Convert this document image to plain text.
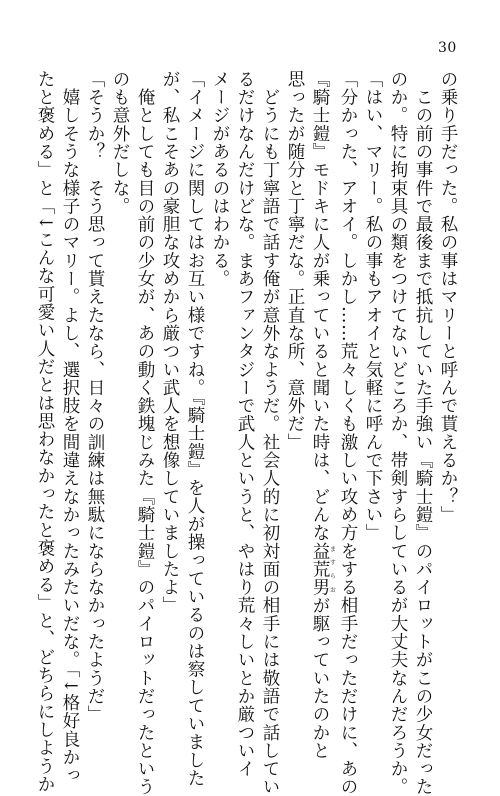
30
の乗り手だった。私の事はマリーと呼んで貰えるか？」
　この前の事件で最後まで抵抗していた手強い『騎士鎧』のパイロットがこの少女だった
のか。特に拘束具の類をつけてないどころか、帯剣すらしているが大丈夫なんだろうか。
「はい、マリー。私の事もアオイと気軽に呼んで下さい」
「分かった、アオイ。しかし……荒々しくも激しい攻め方をする相手だっただけに、あの
『騎士鎧』モドキに人が乗っていると聞いた時は、どんな益荒男ますらおが駆っていたのかと
思ったが随分と丁寧だな。正直な所、意外だ」
　どうにも丁寧語で話す俺が意外なようだ。社会人的に初対面の相手には敬語で話してい
るだけなんだけどな。まあファンタジーで武人というと、やはり荒々しいとか厳ついイ
メージがあるのはわかる。
「イメージに関してはお互い様ですね。『騎士鎧』を人が操っているのは察していました
が、私こそあの豪胆な攻めから厳つい武人を想像していましたよ」
　俺としても目の前の少女が、あの動く鉄塊じみた『騎士鎧』のパイロットだったという
のも意外だしな。
「そうか？　そう思って貰えたなら、日々の訓練は無駄にならなかったようだ」
　嬉しそうな様子のマリー。よし、選択肢を間違えなかったみたいだな。「↓格好良かっ
たと褒める」と「↓こんな可愛い人だとは思わなかったと褒める」と、どちらにしようか
